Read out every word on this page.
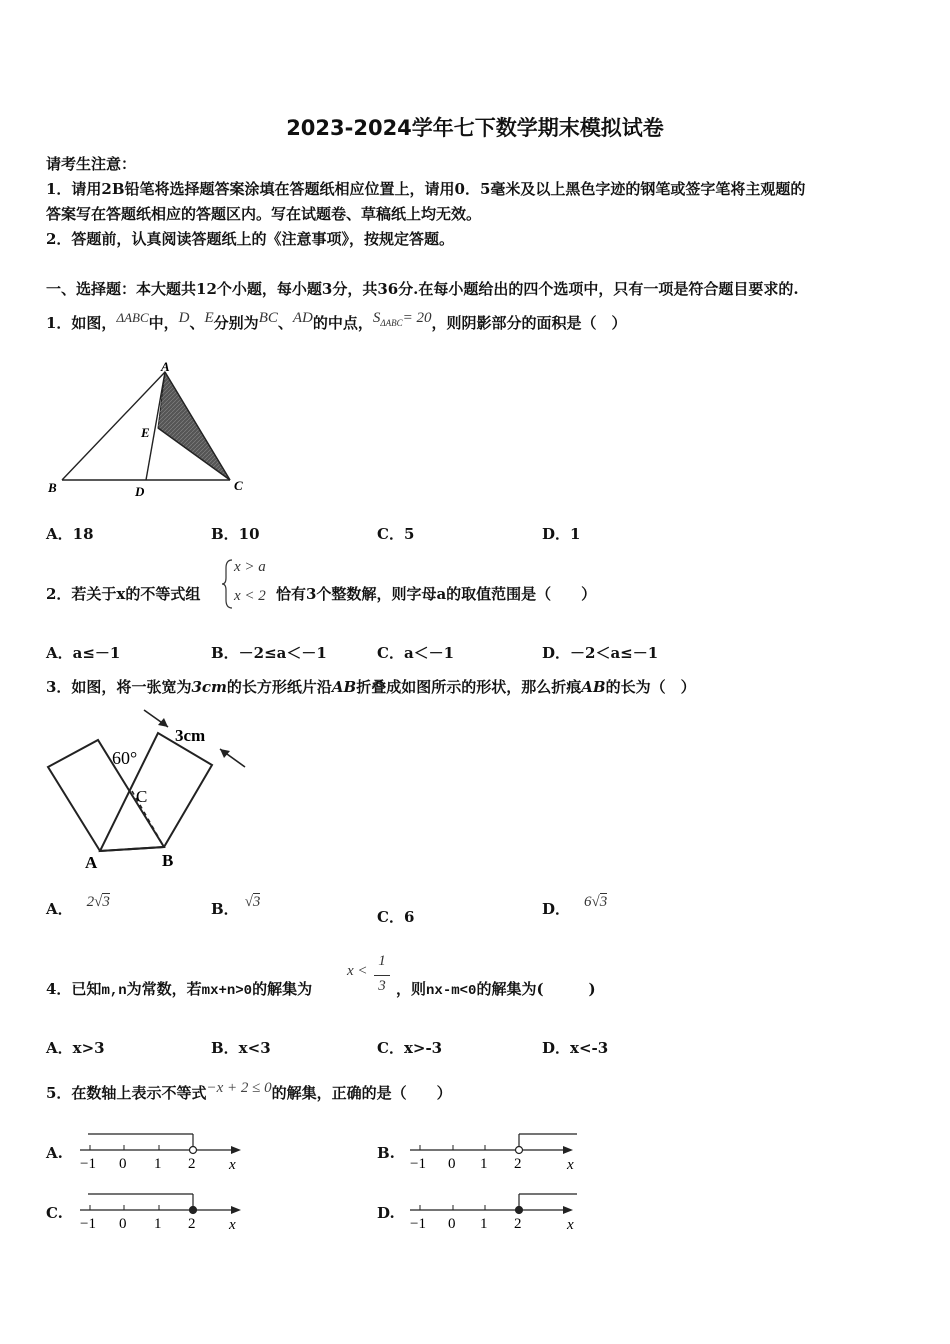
2023-2024学年七下数学期末模拟试卷
请考生注意：
1．请用2B铅笔将选择题答案涂填在答题纸相应位置上，请用0．5毫米及以上黑色字迹的钢笔或签字笔将主观题的
答案写在答题纸相应的答题区内。写在试题卷、草稿纸上均无效。
2．答题前，认真阅读答题纸上的《注意事项》，按规定答题。
一、选择题：本大题共12个小题，每小题3分，共36分.在每小题给出的四个选项中，只有一项是符合题目要求的.
1．如图，$^{\Delta ABC}$中，D、E分别为BC、AD的中点，SΔABC= 20，则阴影部分的面积是（　）
A
B	C
D
E
A．18	B．10	C．5	D．1
2．若关于x的不等式组
x > a
x < 2 恰有3个整数解，则字母a的取值范围是（　　）
A．a≤－1	B．－2≤a＜－1	C．a＜－1	D．－2＜a≤－1
3．如图，将一张宽为3cm的长方形纸片沿AB折叠成如图所示的形状，那么折痕AB的长为（　）
60°
3cm
C
A	B
A． 2√3	B． √3
C．6	D． 6√3
4．已知m,n为常数，若mx+n>0的解集为
x <
1
3 ，则nx-m<0的解集为(　　　)
A．x>3	B．x<3	C．x>-3	D．x<-3
5．在数轴上表示不等式−x + 2 ≤ 0的解集，正确的是（　　）
A.
−1 0 1 2 x
B.
−1 0 1 2	x
C.
−1 0 1 2 x
D.
−1 0 1 2	x
